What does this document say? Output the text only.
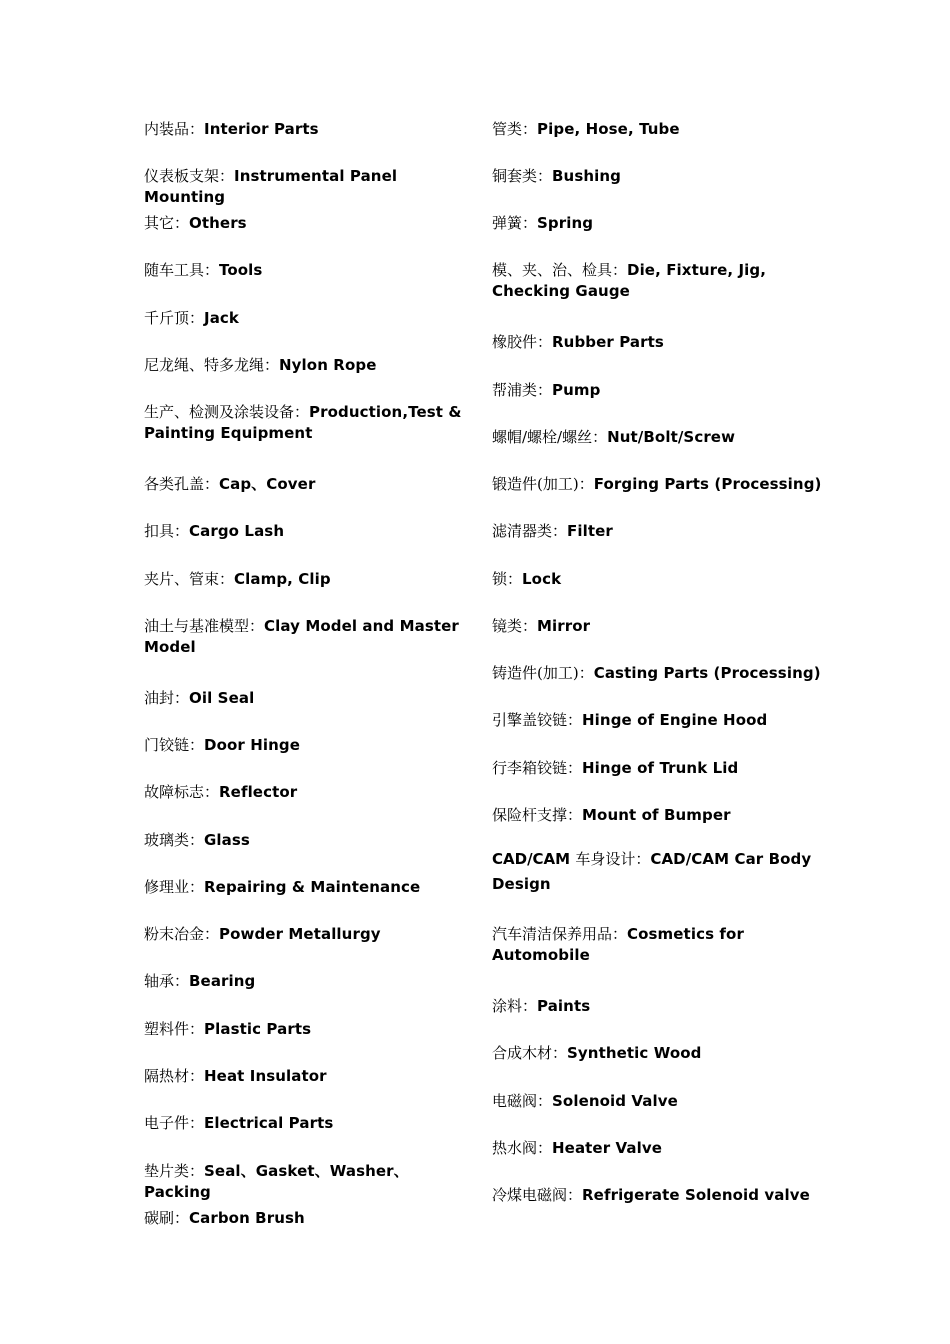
内装品：Interior Parts
仪表板支架：Instrumental Panel Mounting
其它：Others
随车工具：Tools
千斤顶：Jack
尼龙绳、特多龙绳：Nylon Rope
生产、检测及涂装设备：Production,Test & Painting Equipment
各类孔盖：Cap、Cover
扣具：Cargo Lash
夹片、管束：Clamp, Clip
油土与基准模型：Clay Model and Master Model
油封：Oil Seal
门铰链：Door Hinge
故障标志：Reflector
玻璃类：Glass
修理业：Repairing & Maintenance
粉末冶金：Powder Metallurgy
轴承：Bearing
塑料件：Plastic Parts
隔热材：Heat Insulator
电子件：Electrical Parts
垫片类：Seal、Gasket、Washer、Packing
碳刷：Carbon Brush
管类：Pipe, Hose, Tube
铜套类：Bushing
弹簧：Spring
模、夹、治、检具：Die, Fixture, Jig, Checking Gauge
橡胶件：Rubber Parts
帮浦类：Pump
螺帽/螺栓/螺丝：Nut/Bolt/Screw
锻造件(加工)：Forging Parts (Processing)
滤清器类：Filter
锁：Lock
镜类：Mirror
铸造件(加工)：Casting Parts (Processing)
引擎盖铰链：Hinge of Engine Hood
行李箱铰链：Hinge of Trunk Lid
保险杆支撑：Mount of Bumper
CAD/CAM 车身设计：CAD/CAM Car Body Design
汽车清洁保养用品：Cosmetics for Automobile
涂料：Paints
合成木材：Synthetic Wood
电磁阀：Solenoid Valve
热水阀：Heater Valve
冷煤电磁阀：Refrigerate Solenoid valve
